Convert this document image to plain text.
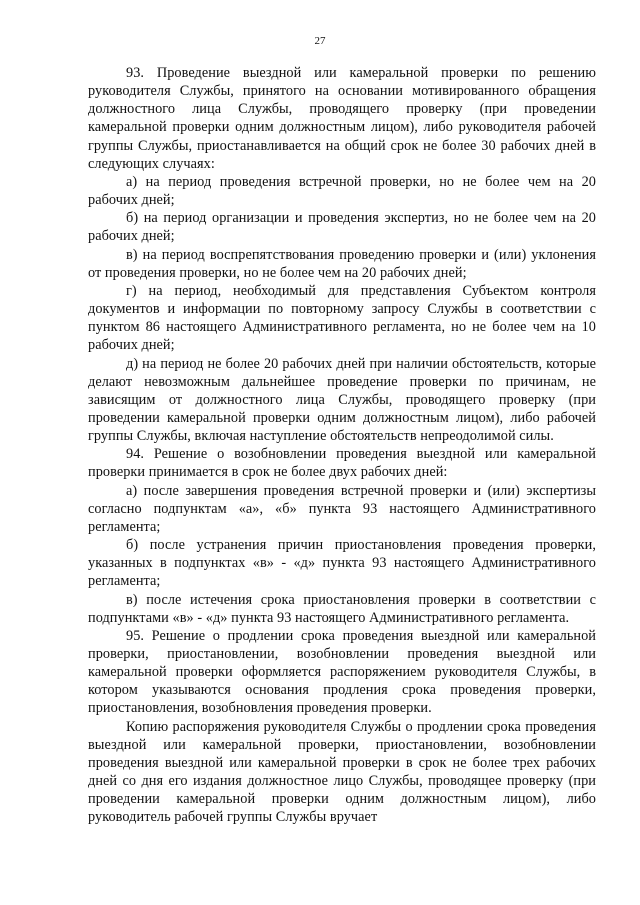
27

93. Проведение выездной или камеральной проверки по решению руководителя Службы, принятого на основании мотивированного обращения должностного лица Службы, проводящего проверку (при проведении камеральной проверки одним должностным лицом), либо руководителя рабочей группы Службы, приостанавливается на общий срок не более 30 рабочих дней в следующих случаях:

а) на период проведения встречной проверки, но не более чем на 20 рабочих дней;

б) на период организации и проведения экспертиз, но не более чем на 20 рабочих дней;

в) на период воспрепятствования проведению проверки и (или) уклонения от проведения проверки, но не более чем на 20 рабочих дней;

г) на период, необходимый для представления Субъектом контроля документов и информации по повторному запросу Службы в соответствии с пунктом 86 настоящего Административного регламента, но не более чем на 10 рабочих дней;

д) на период не более 20 рабочих дней при наличии обстоятельств, которые делают невозможным дальнейшее проведение проверки по причинам, не зависящим от должностного лица Службы, проводящего проверку (при проведении камеральной проверки одним должностным лицом), либо рабочей группы Службы, включая наступление обстоятельств непреодолимой силы.

94. Решение о возобновлении проведения выездной или камеральной проверки принимается в срок не более двух рабочих дней:

а) после завершения проведения встречной проверки и (или) экспертизы согласно подпунктам «а», «б» пункта 93 настоящего Административного регламента;

б) после устранения причин приостановления проведения проверки, указанных в подпунктах «в» - «д» пункта 93 настоящего Административного регламента;

в) после истечения срока приостановления проверки в соответствии с подпунктами «в» - «д» пункта 93 настоящего Административного регламента.

95. Решение о продлении срока проведения выездной или камеральной проверки, приостановлении, возобновлении проведения выездной или камеральной проверки оформляется распоряжением руководителя Службы, в котором указываются основания продления срока проведения проверки, приостановления, возобновления проведения проверки.

Копию распоряжения руководителя Службы о продлении срока проведения выездной или камеральной проверки, приостановлении, возобновлении проведения выездной или камеральной проверки в срок не более трех рабочих дней со дня его издания должностное лицо Службы, проводящее проверку (при проведении камеральной проверки одним должностным лицом), либо руководитель рабочей группы Службы вручает
